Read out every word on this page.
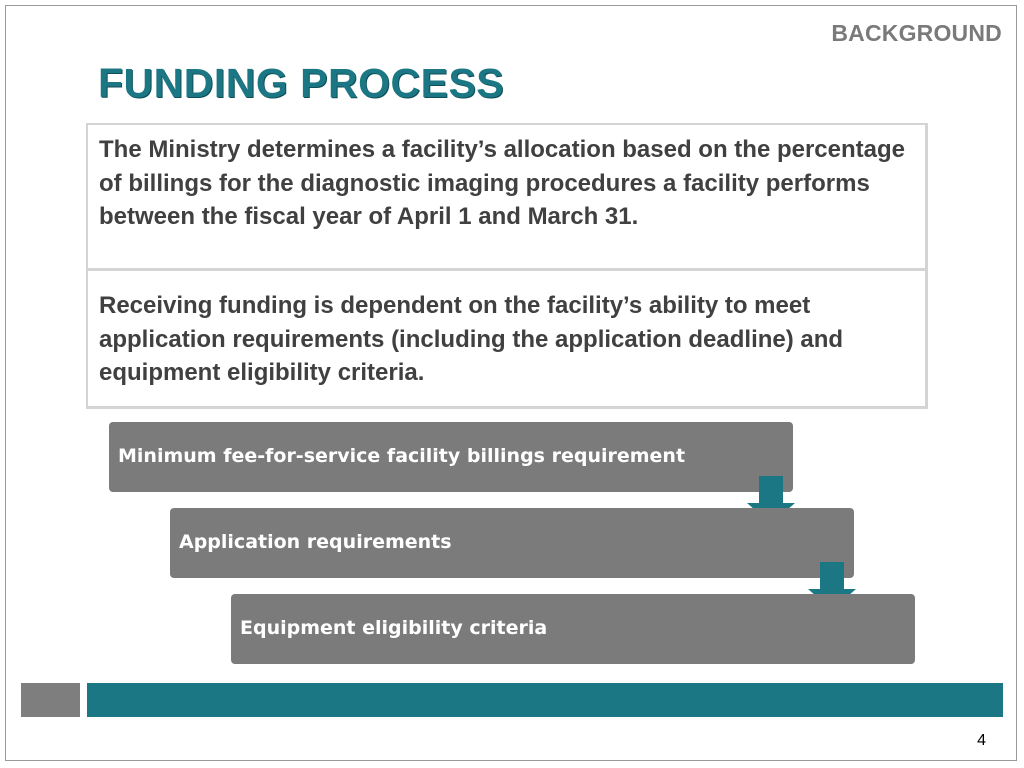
BACKGROUND
FUNDING PROCESS
The Ministry determines a facility’s allocation based on the percentage of billings for the diagnostic imaging procedures a facility performs between the fiscal year of April 1 and March 31.
Receiving funding is dependent on the facility’s ability to meet application requirements (including the application deadline) and equipment eligibility criteria.
Minimum fee-for-service facility billings requirement
Application requirements
Equipment eligibility criteria
4
